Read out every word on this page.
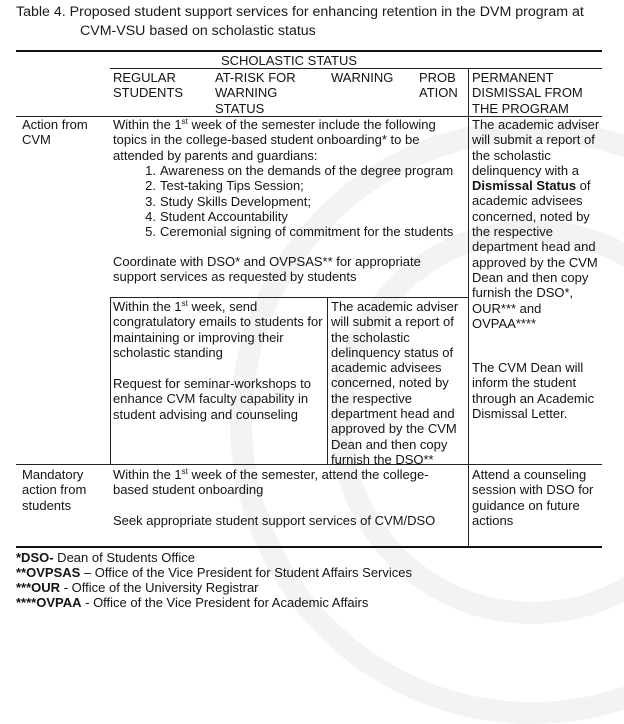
Table 4. Proposed student support services for enhancing retention in the DVM program at
CVM-VSU based on scholastic status
SCHOLASTIC STATUS
REGULAR STUDENTS
AT-RISK FOR WARNING STATUS
WARNING	PROBATION
PERMANENT DISMISSAL FROM THE PROGRAM
Action from CVM
Within the 1st week of the semester include the following topics in the college-based student onboarding* to be attended by parents and guardians:
1. Awareness on the demands of the degree program
2. Test-taking Tips Session;
3. Study Skills Development;
4. Student Accountability
5. Ceremonial signing of commitment for the students
Coordinate with DSO* and OVPSAS** for appropriate support services as requested by students
Within the 1st week, send congratulatory emails to students for maintaining or improving their scholastic standing
Request for seminar-workshops to enhance CVM faculty capability in student advising and counseling
The academic adviser will submit a report of the scholastic delinquency status of academic advisees concerned, noted by the respective department head and approved by the CVM Dean and then copy furnish the DSO**
The academic adviser will submit a report of the scholastic delinquency with a Dismissal Status of academic advisees concerned, noted by the respective department head and approved by the CVM Dean and then copy furnish the DSO*, OUR*** and OVPAA****
The CVM Dean will inform the student through an Academic Dismissal Letter.
Mandatory action from students
Within the 1st week of the semester, attend the college-based student onboarding
Seek appropriate student support services of CVM/DSO
Attend a counseling session with DSO for guidance on future actions
*DSO- Dean of Students Office
**OVPSAS – Office of the Vice President for Student Affairs Services
***OUR - Office of the University Registrar
****OVPAA - Office of the Vice President for Academic Affairs
